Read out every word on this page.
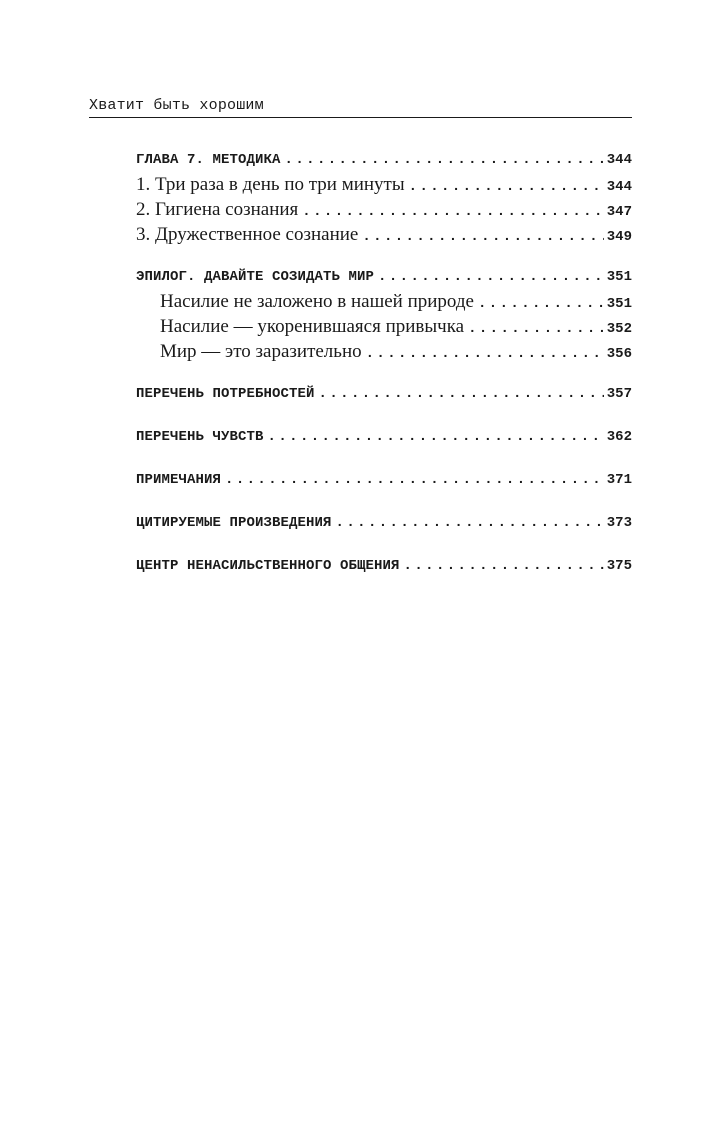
Хватит быть хорошим
ГЛАВА 7. МЕТОДИКА . . .	344
1. Три раза в день по три минуты . . .	344
2. Гигиена сознания . . .	347
3. Дружественное сознание . . .	349
ЭПИЛОГ. ДАВАЙТЕ СОЗИДАТЬ МИР . . .	351
Насилие не заложено в нашей природе . . .	351
Насилие — укоренившаяся привычка . . .	352
Мир — это заразительно . . .	356
ПЕРЕЧЕНЬ ПОТРЕБНОСТЕЙ . . .	357
ПЕРЕЧЕНЬ ЧУВСТВ . . .	362
ПРИМЕЧАНИЯ . . .	371
ЦИТИРУЕМЫЕ ПРОИЗВЕДЕНИЯ . . .	373
ЦЕНТР НЕНАСИЛЬСТВЕННОГО ОБЩЕНИЯ . . .	375
